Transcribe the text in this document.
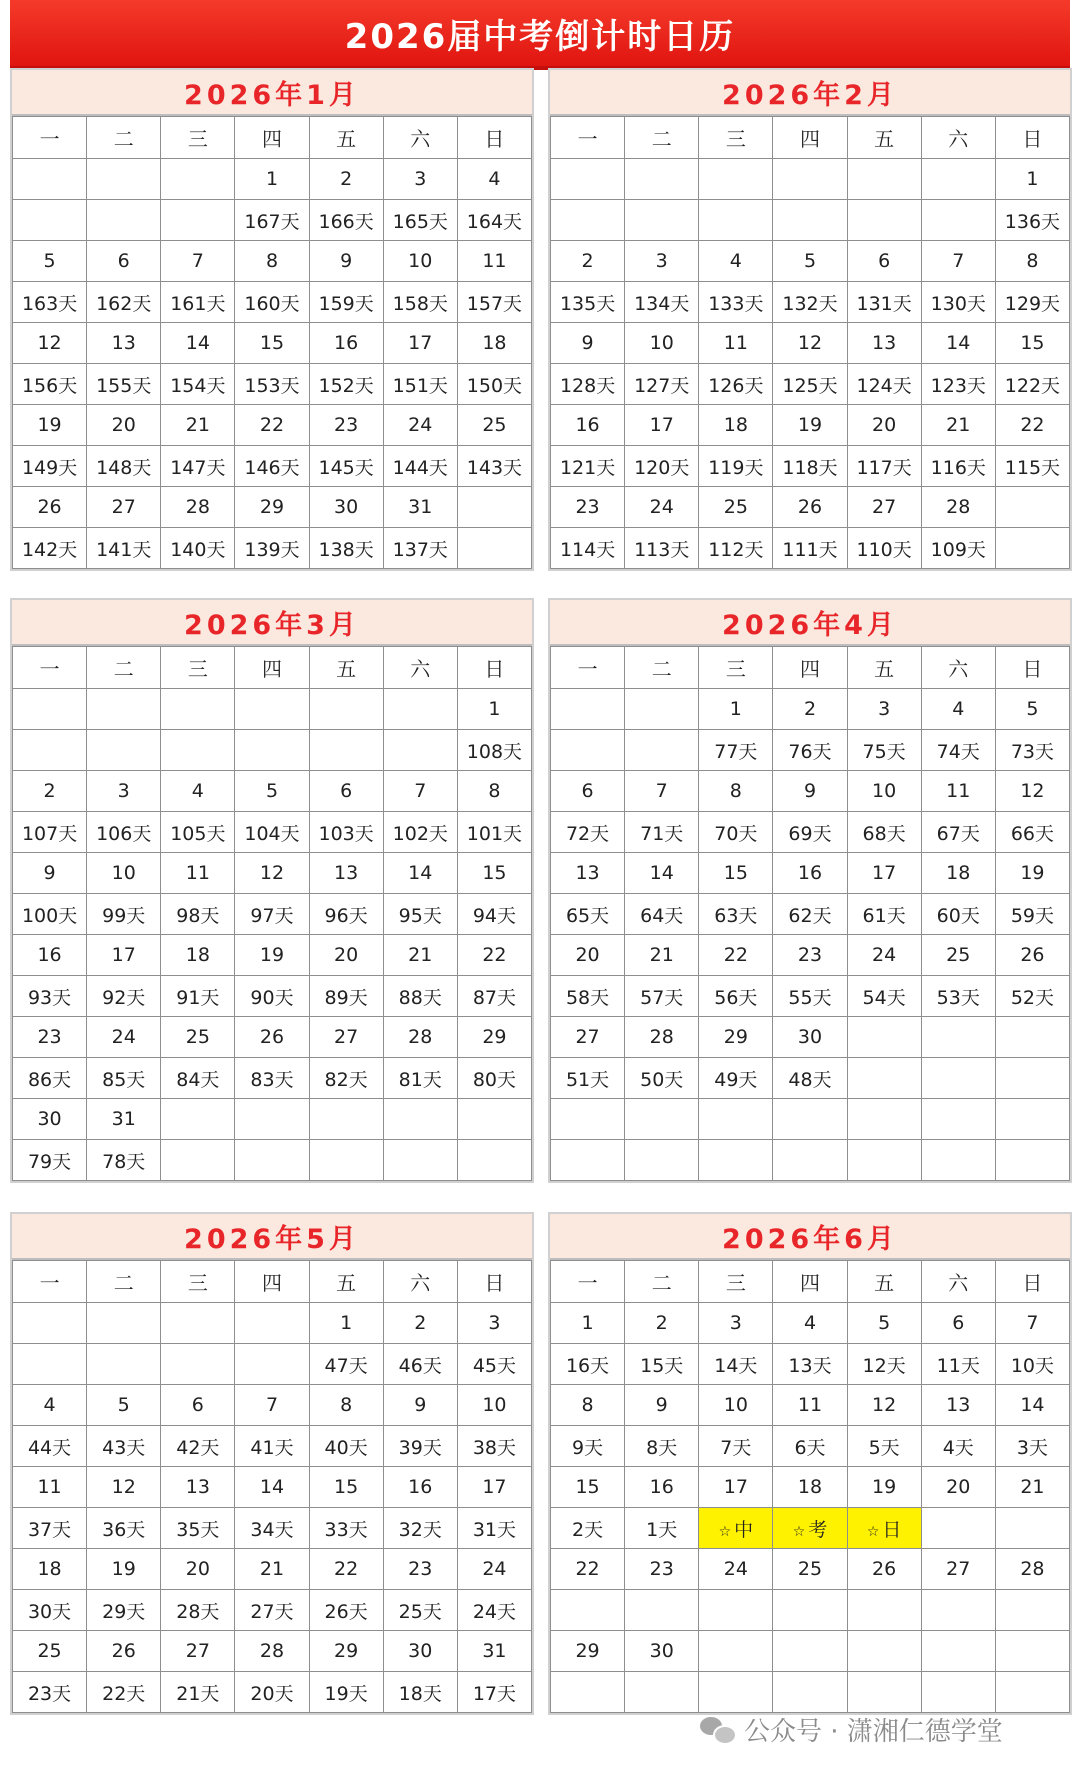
2026届中考倒计时日历
2026年1月
一	二	三	四	五	六	日
			1	2	3	4
			167天	166天	165天	164天
5	6	7	8	9	10	11
163天	162天	161天	160天	159天	158天	157天
12	13	14	15	16	17	18
156天	155天	154天	153天	152天	151天	150天
19	20	21	22	23	24	25
149天	148天	147天	146天	145天	144天	143天
26	27	28	29	30	31	
142天	141天	140天	139天	138天	137天	
2026年2月
一	二	三	四	五	六	日
						1
						136天
2	3	4	5	6	7	8
135天	134天	133天	132天	131天	130天	129天
9	10	11	12	13	14	15
128天	127天	126天	125天	124天	123天	122天
16	17	18	19	20	21	22
121天	120天	119天	118天	117天	116天	115天
23	24	25	26	27	28	
114天	113天	112天	111天	110天	109天	
2026年3月
一	二	三	四	五	六	日
						1
						108天
2	3	4	5	6	7	8
107天	106天	105天	104天	103天	102天	101天
9	10	11	12	13	14	15
100天	99天	98天	97天	96天	95天	94天
16	17	18	19	20	21	22
93天	92天	91天	90天	89天	88天	87天
23	24	25	26	27	28	29
86天	85天	84天	83天	82天	81天	80天
30	31					
79天	78天					
2026年4月
一	二	三	四	五	六	日
		1	2	3	4	5
		77天	76天	75天	74天	73天
6	7	8	9	10	11	12
72天	71天	70天	69天	68天	67天	66天
13	14	15	16	17	18	19
65天	64天	63天	62天	61天	60天	59天
20	21	22	23	24	25	26
58天	57天	56天	55天	54天	53天	52天
27	28	29	30			
51天	50天	49天	48天			

2026年5月
一	二	三	四	五	六	日
				1	2	3
				47天	46天	45天
4	5	6	7	8	9	10
44天	43天	42天	41天	40天	39天	38天
11	12	13	14	15	16	17
37天	36天	35天	34天	33天	32天	31天
18	19	20	21	22	23	24
30天	29天	28天	27天	26天	25天	24天
25	26	27	28	29	30	31
23天	22天	21天	20天	19天	18天	17天
2026年6月
一	二	三	四	五	六	日
1	2	3	4	5	6	7
16天	15天	14天	13天	12天	11天	10天
8	9	10	11	12	13	14
9天	8天	7天	6天	5天	4天	3天
15	16	17	18	19	20	21
2天	1天	☆ 中	☆ 考	☆ 日		
22	23	24	25	26	27	28

29	30					

公众号 · 潇湘仁德学堂
